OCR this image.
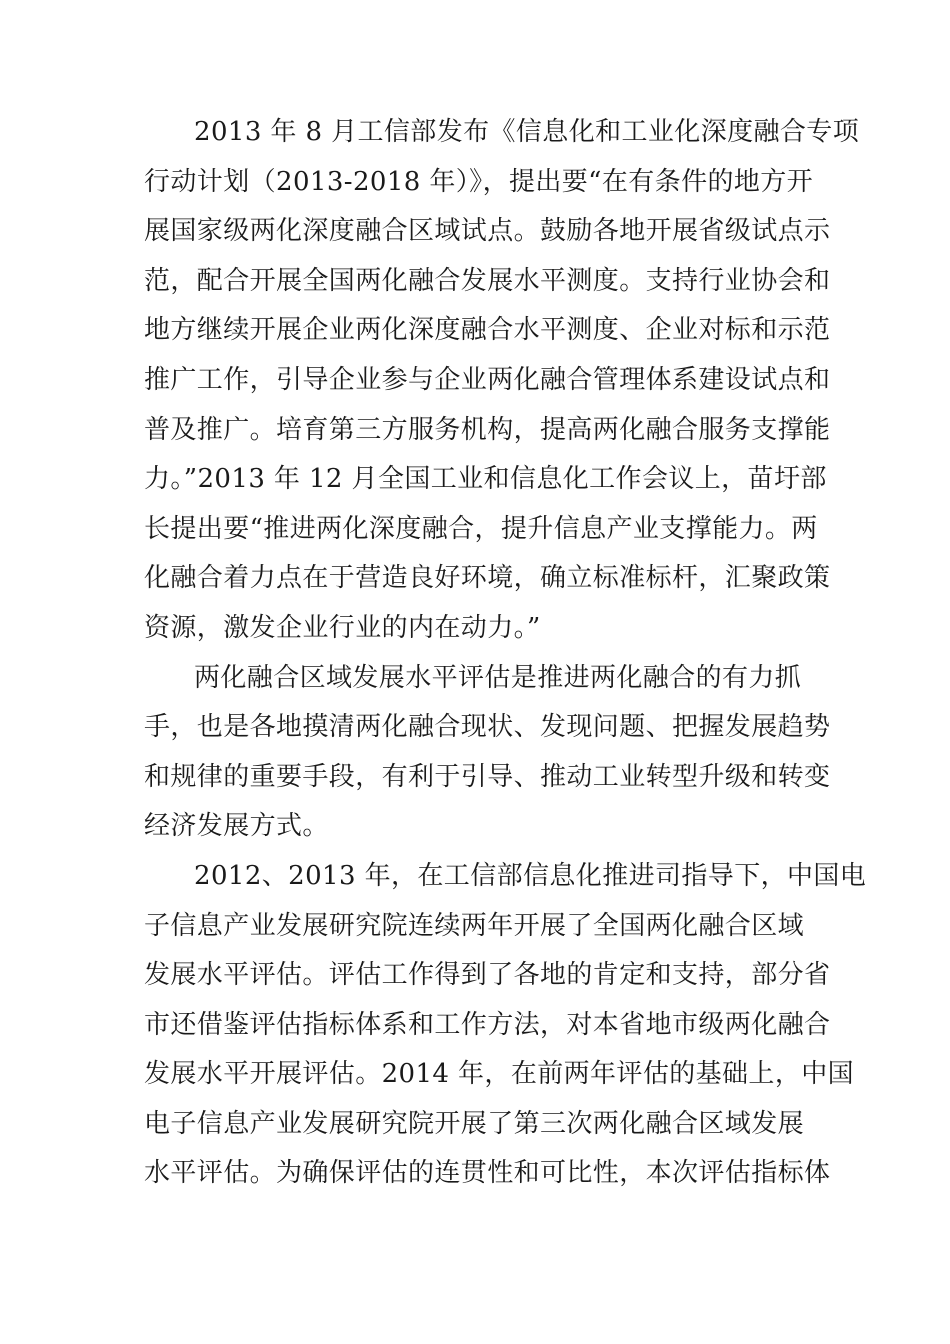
2013 年 8 月工信部发布《信息化和工业化深度融合专项
行动计划（2013-2018 年）》，提出要“在有条件的地方开
展国家级两化深度融合区域试点。鼓励各地开展省级试点示
范，配合开展全国两化融合发展水平测度。支持行业协会和
地方继续开展企业两化深度融合水平测度、企业对标和示范
推广工作，引导企业参与企业两化融合管理体系建设试点和
普及推广。培育第三方服务机构，提高两化融合服务支撑能
力。”2013 年 12 月全国工业和信息化工作会议上，苗圩部
长提出要“推进两化深度融合，提升信息产业支撑能力。两
化融合着力点在于营造良好环境，确立标准标杆，汇聚政策
资源，激发企业行业的内在动力。”
两化融合区域发展水平评估是推进两化融合的有力抓
手，也是各地摸清两化融合现状、发现问题、把握发展趋势
和规律的重要手段，有利于引导、推动工业转型升级和转变
经济发展方式。
2012、2013 年，在工信部信息化推进司指导下，中国电
子信息产业发展研究院连续两年开展了全国两化融合区域
发展水平评估。评估工作得到了各地的肯定和支持，部分省
市还借鉴评估指标体系和工作方法，对本省地市级两化融合
发展水平开展评估。2014 年，在前两年评估的基础上，中国
电子信息产业发展研究院开展了第三次两化融合区域发展
水平评估。为确保评估的连贯性和可比性，本次评估指标体
